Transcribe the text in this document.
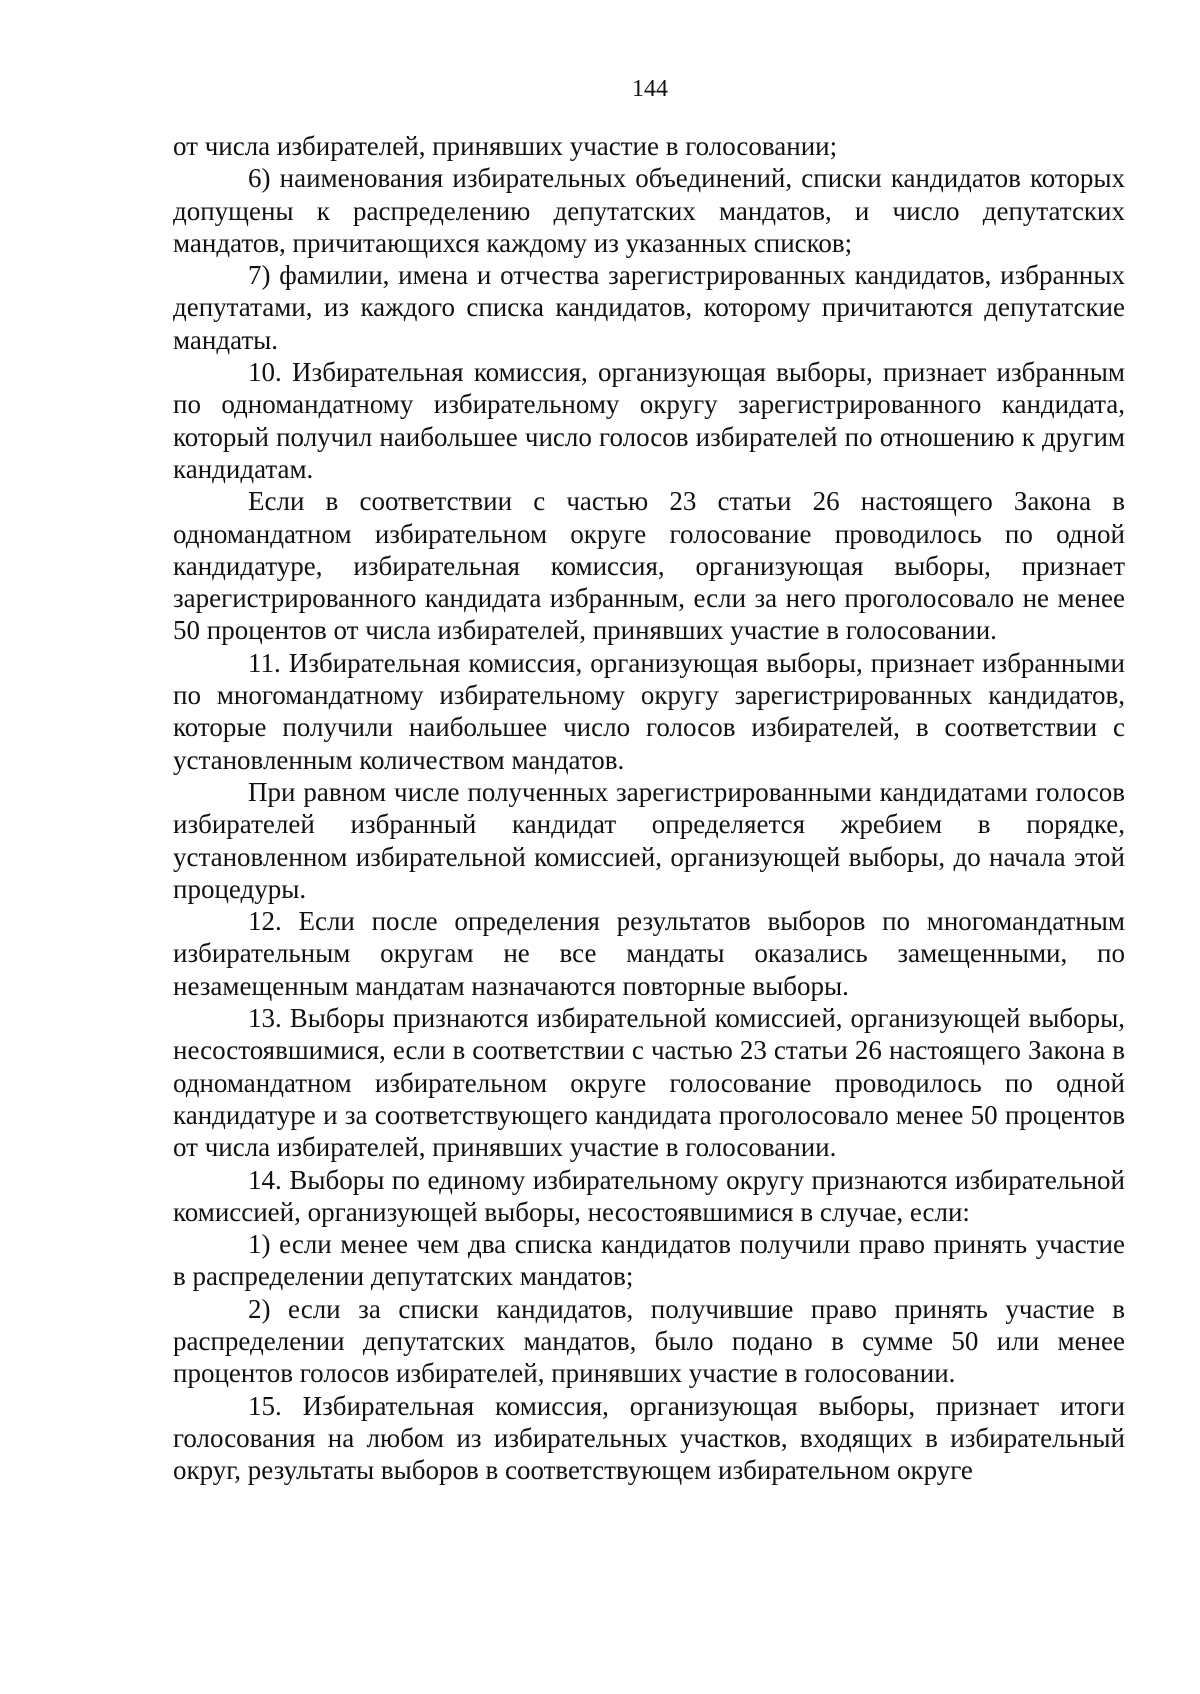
144

от числа избирателей, принявших участие в голосовании;

6) наименования избирательных объединений, списки кандидатов которых допущены к распределению депутатских мандатов, и число депутатских мандатов, причитающихся каждому из указанных списков;

7) фамилии, имена и отчества зарегистрированных кандидатов, избранных депутатами, из каждого списка кандидатов, которому причитаются депутатские мандаты.

10. Избирательная комиссия, организующая выборы, признает избранным по одномандатному избирательному округу зарегистрированного кандидата, который получил наибольшее число голосов избирателей по отношению к другим кандидатам.

Если в соответствии с частью 23 статьи 26 настоящего Закона в одномандатном избирательном округе голосование проводилось по одной кандидатуре, избирательная комиссия, организующая выборы, признает зарегистрированного кандидата избранным, если за него проголосовало не менее 50 процентов от числа избирателей, принявших участие в голосовании.

11. Избирательная комиссия, организующая выборы, признает избранными по многомандатному избирательному округу зарегистрированных кандидатов, которые получили наибольшее число голосов избирателей, в соответствии с установленным количеством мандатов.

При равном числе полученных зарегистрированными кандидатами голосов избирателей избранный кандидат определяется жребием в порядке, установленном избирательной комиссией, организующей выборы, до начала этой процедуры.

12. Если после определения результатов выборов по многомандатным избирательным округам не все мандаты оказались замещенными, по незамещенным мандатам назначаются повторные выборы.

13. Выборы признаются избирательной комиссией, организующей выборы, несостоявшимися, если в соответствии с частью 23 статьи 26 настоящего Закона в одномандатном избирательном округе голосование проводилось по одной кандидатуре и за соответствующего кандидата проголосовало менее 50 процентов от числа избирателей, принявших участие в голосовании.

14. Выборы по единому избирательному округу признаются избирательной комиссией, организующей выборы, несостоявшимися в случае, если:

1) если менее чем два списка кандидатов получили право принять участие в распределении депутатских мандатов;

2) если за списки кандидатов, получившие право принять участие в распределении депутатских мандатов, было подано в сумме 50 или менее процентов голосов избирателей, принявших участие в голосовании.

15. Избирательная комиссия, организующая выборы, признает итоги голосования на любом из избирательных участков, входящих в избирательный округ, результаты выборов в соответствующем избирательном округе
